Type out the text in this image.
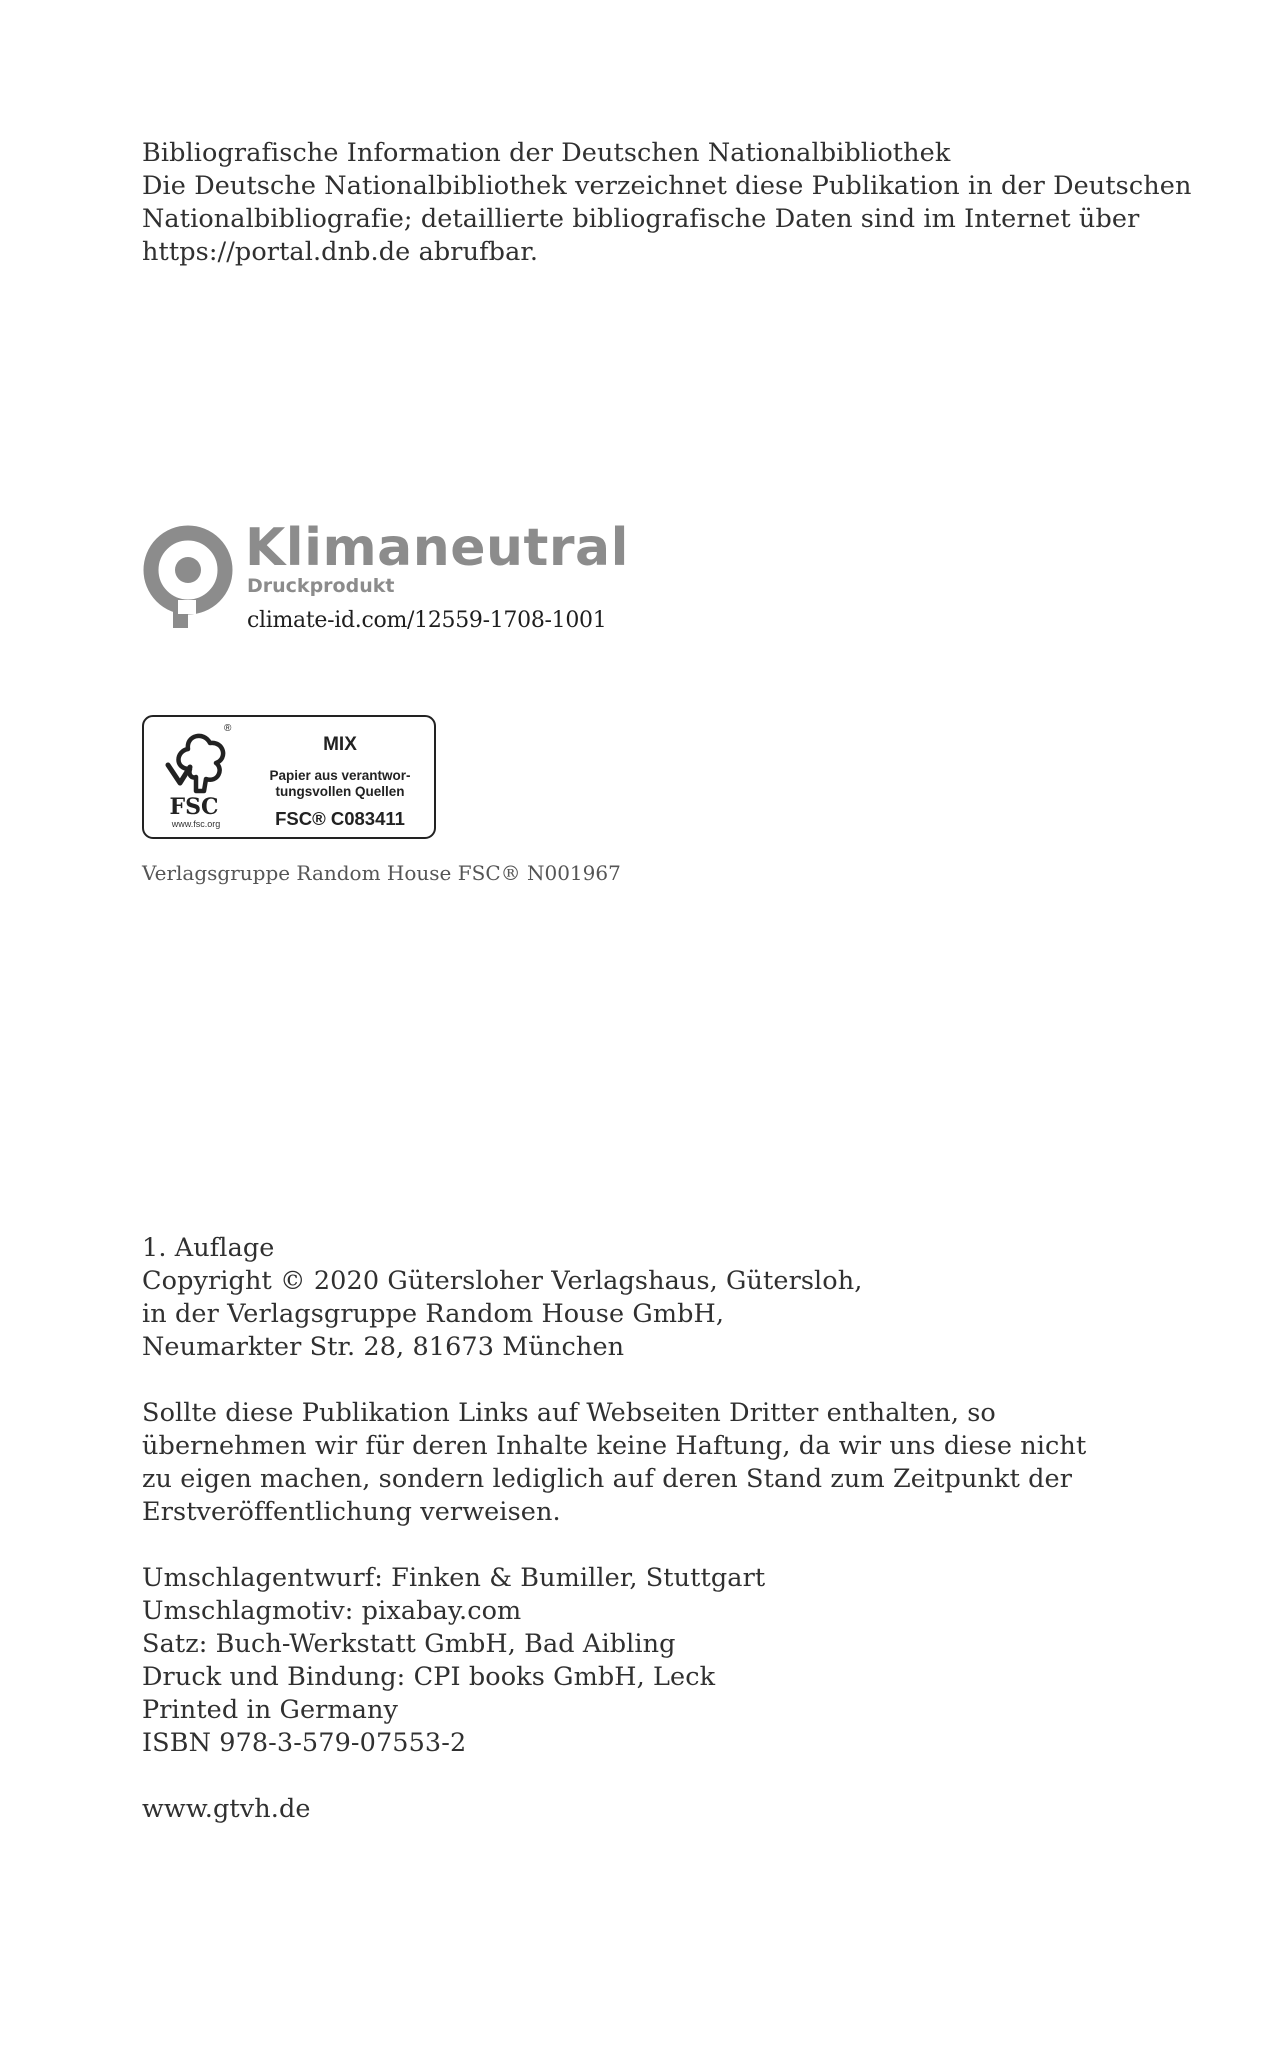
Bibliografische Information der Deutschen Nationalbibliothek
Die Deutsche Nationalbibliothek verzeichnet diese Publikation in der Deutschen
Nationalbibliografie; detaillierte bibliografische Daten sind im Internet über
https://portal.dnb.de abrufbar.
Klimaneutral
Druckprodukt
climate-id.com/12559-1708-1001
®
FSC
www.fsc.org
MIX
Papier aus verantwor-
tungsvollen Quellen
FSC® C083411
Verlagsgruppe Random House FSC® N001967
1. Auflage
Copyright © 2020 Gütersloher Verlagshaus, Gütersloh,
in der Verlagsgruppe Random House GmbH,
Neumarkter Str. 28, 81673 München
Sollte diese Publikation Links auf Webseiten Dritter enthalten, so
übernehmen wir für deren Inhalte keine Haftung, da wir uns diese nicht
zu eigen machen, sondern lediglich auf deren Stand zum Zeitpunkt der
Erstveröffentlichung verweisen.
Umschlagentwurf: Finken & Bumiller, Stuttgart
Umschlagmotiv: pixabay.com
Satz: Buch-Werkstatt GmbH, Bad Aibling
Druck und Bindung: CPI books GmbH, Leck
Printed in Germany
ISBN 978-3-579-07553-2
www.gtvh.de
